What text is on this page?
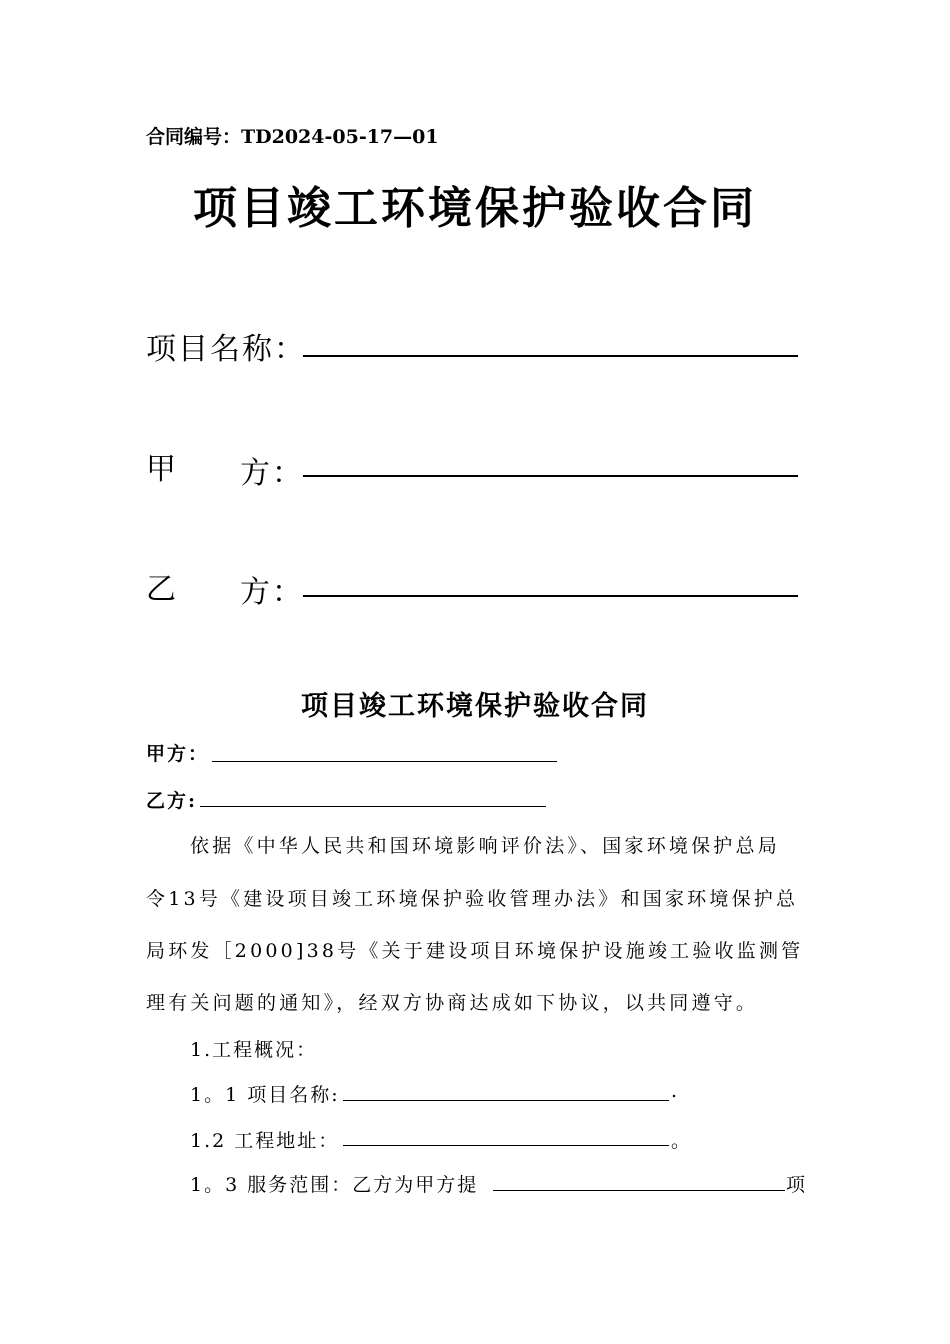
合同编号：TD2024-05-17—01
项目竣工环境保护验收合同
项目名称：
甲 方：
乙 方：
项目竣工环境保护验收合同
甲方：
乙方:
依据《中华人民共和国环境影响评价法》、国家环境保护总局
令13号《建设项目竣工环境保护验收管理办法》和国家环境保护总
局环发［2000]38号《关于建设项目环境保护设施竣工验收监测管
理有关问题的通知》，经双方协商达成如下协议，以共同遵守。
1.工程概况：
1。1 项目名称:	.
1.2 工程地址：	。
1。3 服务范围：乙方为甲方提	项
